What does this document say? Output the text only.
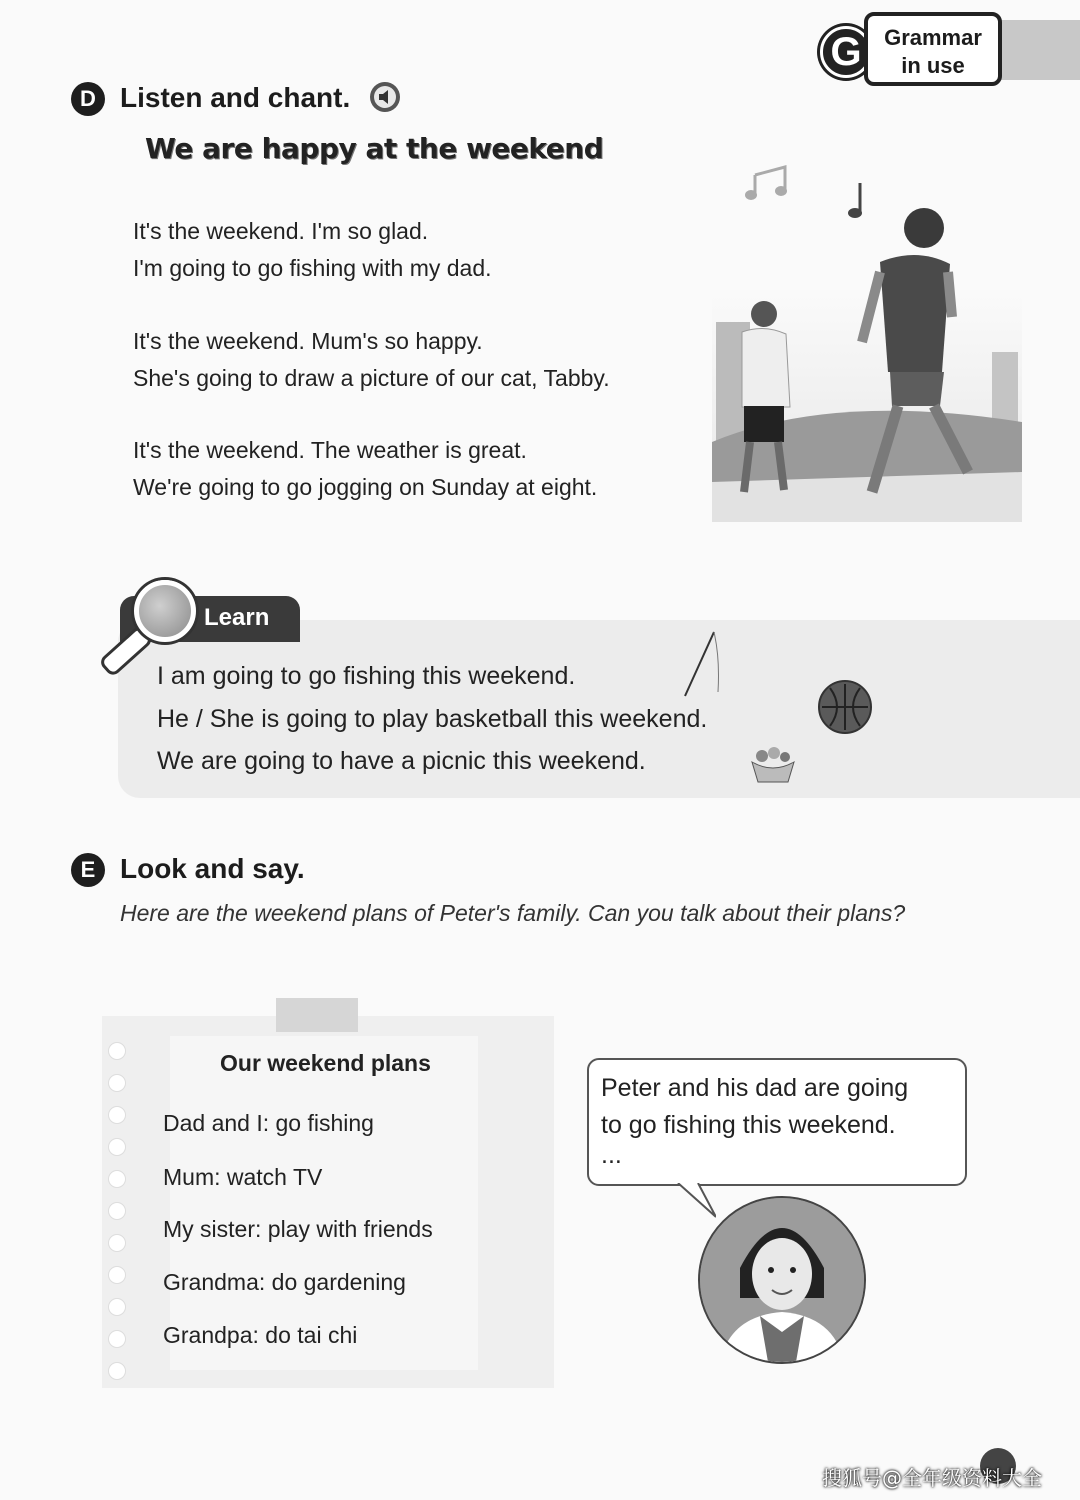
G	Grammar
in use
D Listen and chant.
We are happy at the weekend
It's the weekend. I'm so glad.
I'm going to go fishing with my dad.
It's the weekend. Mum's so happy.
She's going to draw a picture of our cat, Tabby.
It's the weekend. The weather is great.
We're going to go jogging on Sunday at eight.
Learn
I am going to go fishing this weekend.
He / She is going to play basketball this weekend.
We are going to have a picnic this weekend.
E Look and say.
Here are the weekend plans of Peter's family. Can you talk about their plans?
Our weekend plans
Dad and I: go fishing
Mum: watch TV
My sister: play with friends
Grandma: do gardening
Grandpa: do tai chi
Peter and his dad are going
to go fishing this weekend.
...
搜狐号@全年级资料大全
